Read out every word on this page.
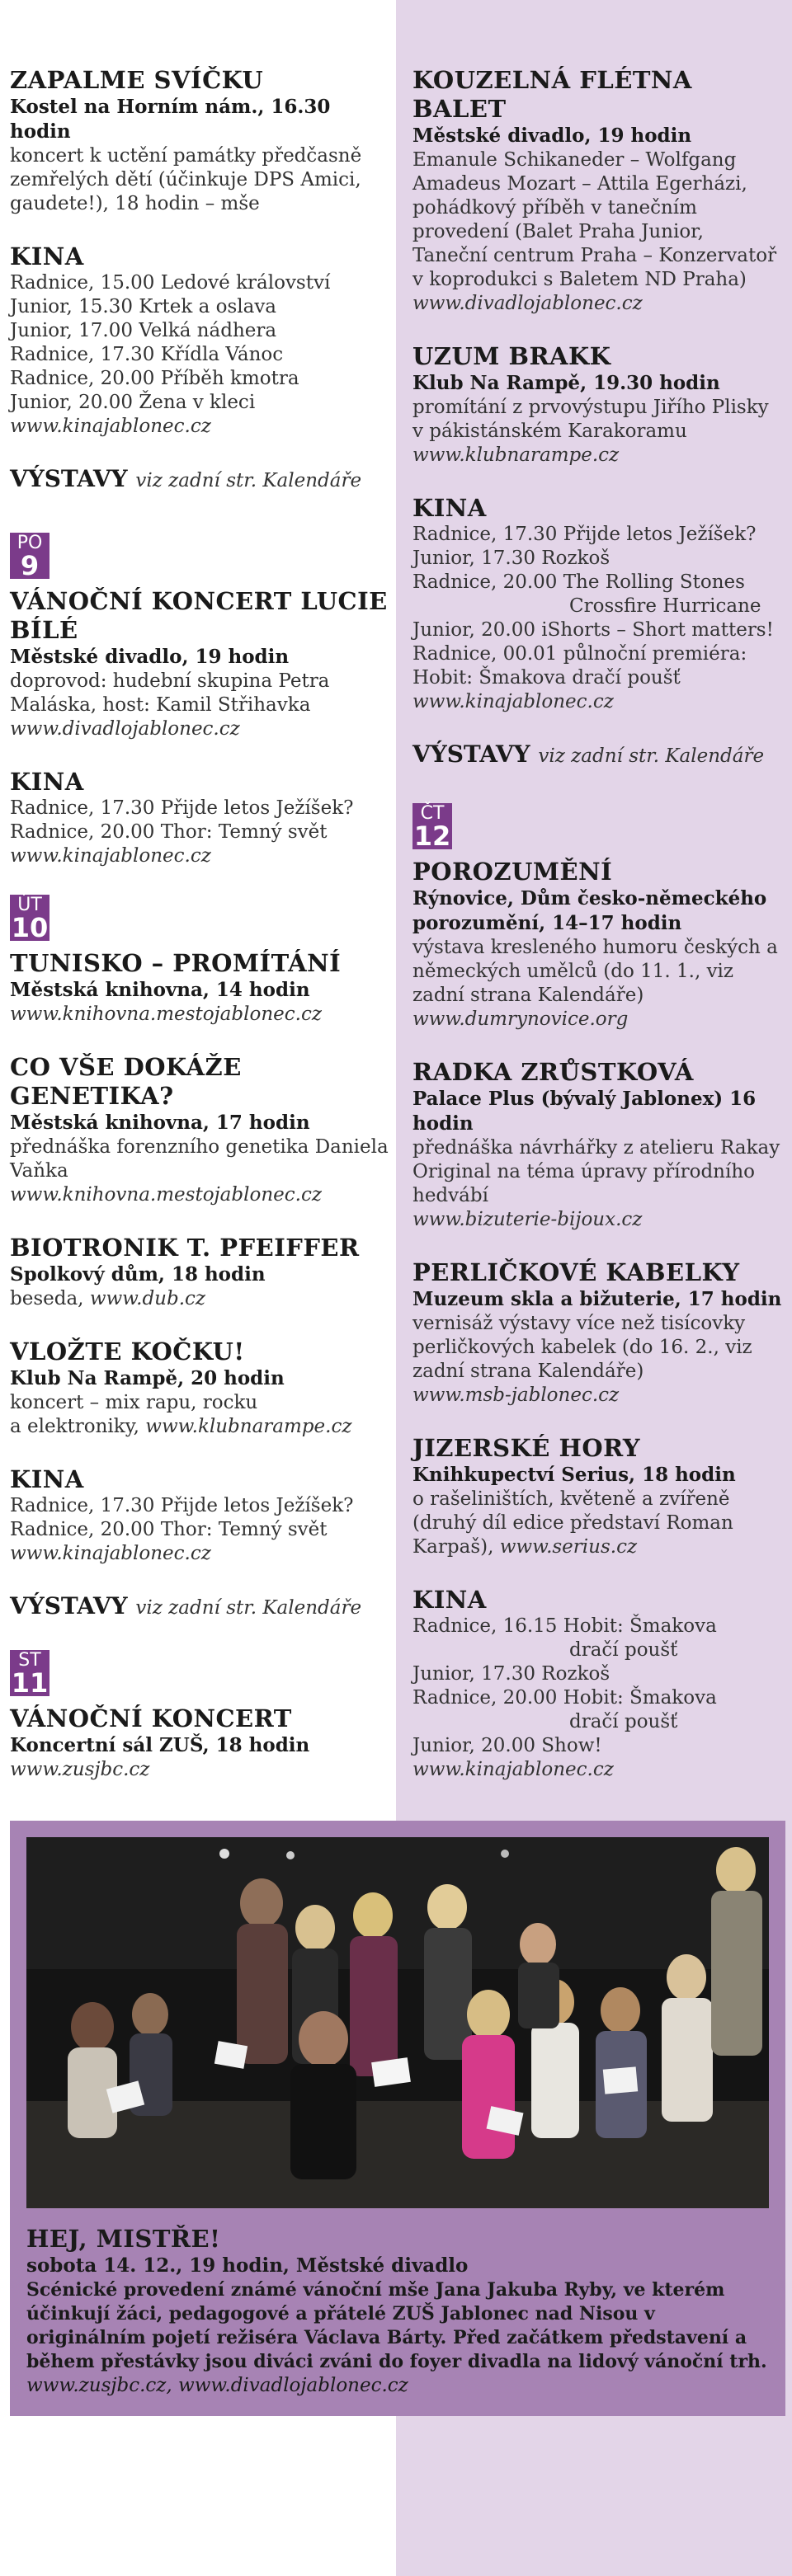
ZAPALME SVÍČKU
Kostel na Horním nám., 16.30 hodin
koncert k uctění památky předčasně zemřelých dětí (účinkuje DPS Amici, gaudete!), 18 hodin – mše
KINA
Radnice, 15.00 Ledové království
Junior, 15.30 Krtek a oslava
Junior, 17.00 Velká nádhera
Radnice, 17.30 Křídla Vánoc
Radnice, 20.00 Příběh kmotra
Junior, 20.00 Žena v kleci
www.kinajablonec.cz
VÝSTAVY viz zadní str. Kalendáře
PO
9
VÁNOČNÍ KONCERT LUCIE BÍLÉ
Městské divadlo, 19 hodin
doprovod: hudební skupina Petra Maláska, host: Kamil Střihavka
www.divadlojablonec.cz
KINA
Radnice, 17.30 Přijde letos Ježíšek?
Radnice, 20.00 Thor: Temný svět
www.kinajablonec.cz
ÚT
10
TUNISKO – PROMÍTÁNÍ
Městská knihovna, 14 hodin
www.knihovna.mestojablonec.cz
CO VŠE DOKÁŽE GENETIKA?
Městská knihovna, 17 hodin
přednáška forenzního genetika Daniela Vaňka
www.knihovna.mestojablonec.cz
BIOTRONIK T. PFEIFFER
Spolkový dům, 18 hodin
beseda, www.dub.cz
VLOŽTE KOČKU!
Klub Na Rampě, 20 hodin
koncert – mix rapu, rocku
a elektroniky, www.klubnarampe.cz
KINA
Radnice, 17.30 Přijde letos Ježíšek?
Radnice, 20.00 Thor: Temný svět
www.kinajablonec.cz
VÝSTAVY viz zadní str. Kalendáře
ST
11
VÁNOČNÍ KONCERT
Koncertní sál ZUŠ, 18 hodin
www.zusjbc.cz
KOUZELNÁ FLÉTNA BALET
Městské divadlo, 19 hodin
Emanule Schikaneder – Wolfgang Amadeus Mozart – Attila Egerházi, pohádkový příběh v tanečním provedení (Balet Praha Junior, Taneční centrum Praha – Konzervatoř v koprodukci s Baletem ND Praha)
www.divadlojablonec.cz
UZUM BRAKK
Klub Na Rampě, 19.30 hodin
promítání z prvovýstupu Jiřího Plisky v pákistánském Karakoramu
www.klubnarampe.cz
KINA
Radnice, 17.30 Přijde letos Ježíšek?
Junior, 17.30 Rozkoš
Radnice, 20.00 The Rolling Stones
Crossfire Hurricane
Junior, 20.00 iShorts – Short matters!
Radnice, 00.01 půlnoční premiéra:
Hobit: Šmakova dračí poušť
www.kinajablonec.cz
VÝSTAVY viz zadní str. Kalendáře
ČT
12
POROZUMĚNÍ
Rýnovice, Dům česko-německého porozumění, 14–17 hodin
výstava kresleného humoru českých a německých umělců (do 11. 1., viz zadní strana Kalendáře)
www.dumrynovice.org
RADKA ZRŮSTKOVÁ
Palace Plus (bývalý Jablonex) 16 hodin
přednáška návrhářky z atelieru Rakay Original na téma úpravy přírodního hedvábí
www.bizuterie-bijoux.cz
PERLIČKOVÉ KABELKY
Muzeum skla a bižuterie, 17 hodin
vernisáž výstavy více než tisícovky perličkových kabelek (do 16. 2., viz zadní strana Kalendáře)
www.msb-jablonec.cz
JIZERSKÉ HORY
Knihkupectví Serius, 18 hodin
o rašeliništích, květeně a zvířeně (druhý díl edice představí Roman Karpaš), www.serius.cz
KINA
Radnice, 16.15 Hobit: Šmakova
dračí poušť
Junior, 17.30 Rozkoš
Radnice, 20.00 Hobit: Šmakova
dračí poušť
Junior, 20.00 Show!
www.kinajablonec.cz
HEJ, MISTŘE!
sobota 14. 12., 19 hodin, Městské divadlo
Scénické provedení známé vánoční mše Jana Jakuba Ryby, ve kterém účinkují žáci, pedagogové a přátelé ZUŠ Jablonec nad Nisou v originálním pojetí režiséra Václava Bárty. Před začátkem představení a během přestávky jsou diváci zváni do foyer divadla na lidový vánoční trh.
www.zusjbc.cz, www.divadlojablonec.cz
